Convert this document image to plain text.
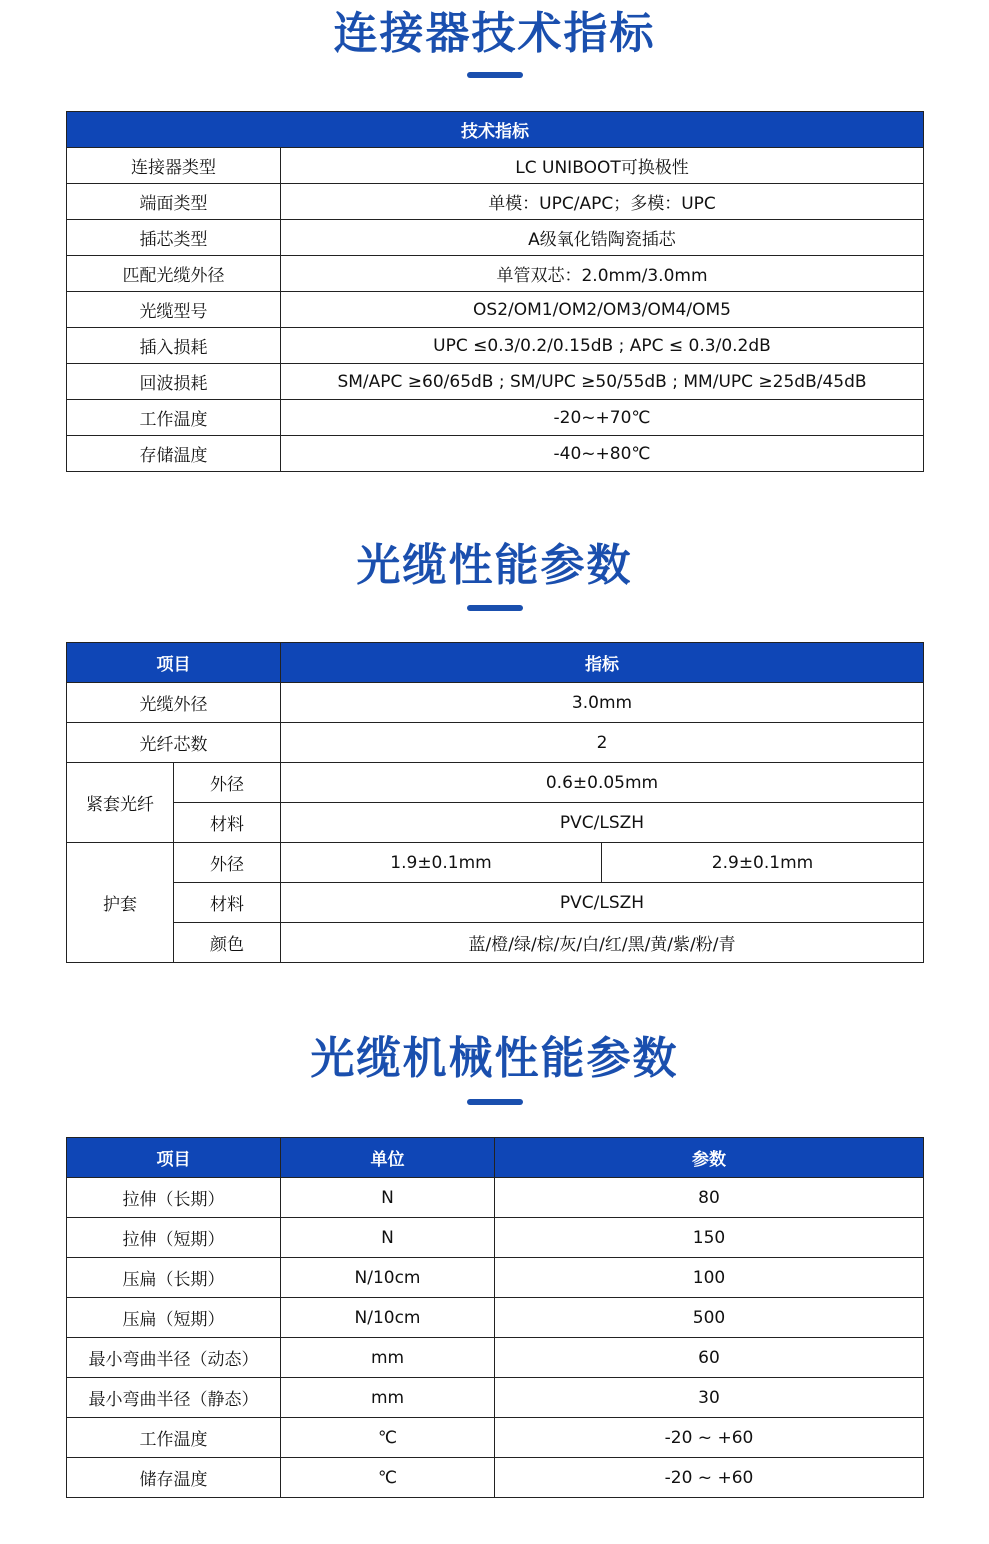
连接器技术指标
技术指标	
连接器类型	LC UNIBOOT可换极性
端面类型	单模：UPC/APC；多模：UPC
插芯类型	A级氧化锆陶瓷插芯
匹配光缆外径	单管双芯：2.0mm/3.0mm
光缆型号	OS2/OM1/OM2/OM3/OM4/OM5
插入损耗	UPC ≤0.3/0.2/0.15dB ; APC ≤ 0.3/0.2dB
回波损耗	SM/APC ≥60/65dB ; SM/UPC ≥50/55dB ; MM/UPC ≥25dB/45dB
工作温度	-20~+70℃
存储温度	-40~+80℃
光缆性能参数
项目		指标	
光缆外径		3.0mm	
光纤芯数		2	
紧套光纤	外径	0.6±0.05mm	
	材料	PVC/LSZH	
护套	外径	1.9±0.1mm	2.9±0.1mm
	材料	PVC/LSZH	
	颜色	蓝/橙/绿/棕/灰/白/红/黑/黄/紫/粉/青	
光缆机械性能参数
项目	单位	参数
拉伸（长期）	N	80
拉伸（短期）	N	150
压扁（长期）	N/10cm	100
压扁（短期）	N/10cm	500
最小弯曲半径（动态）	mm	60
最小弯曲半径（静态）	mm	30
工作温度	℃	-20 ~ +60
储存温度	℃	-20 ~ +60
